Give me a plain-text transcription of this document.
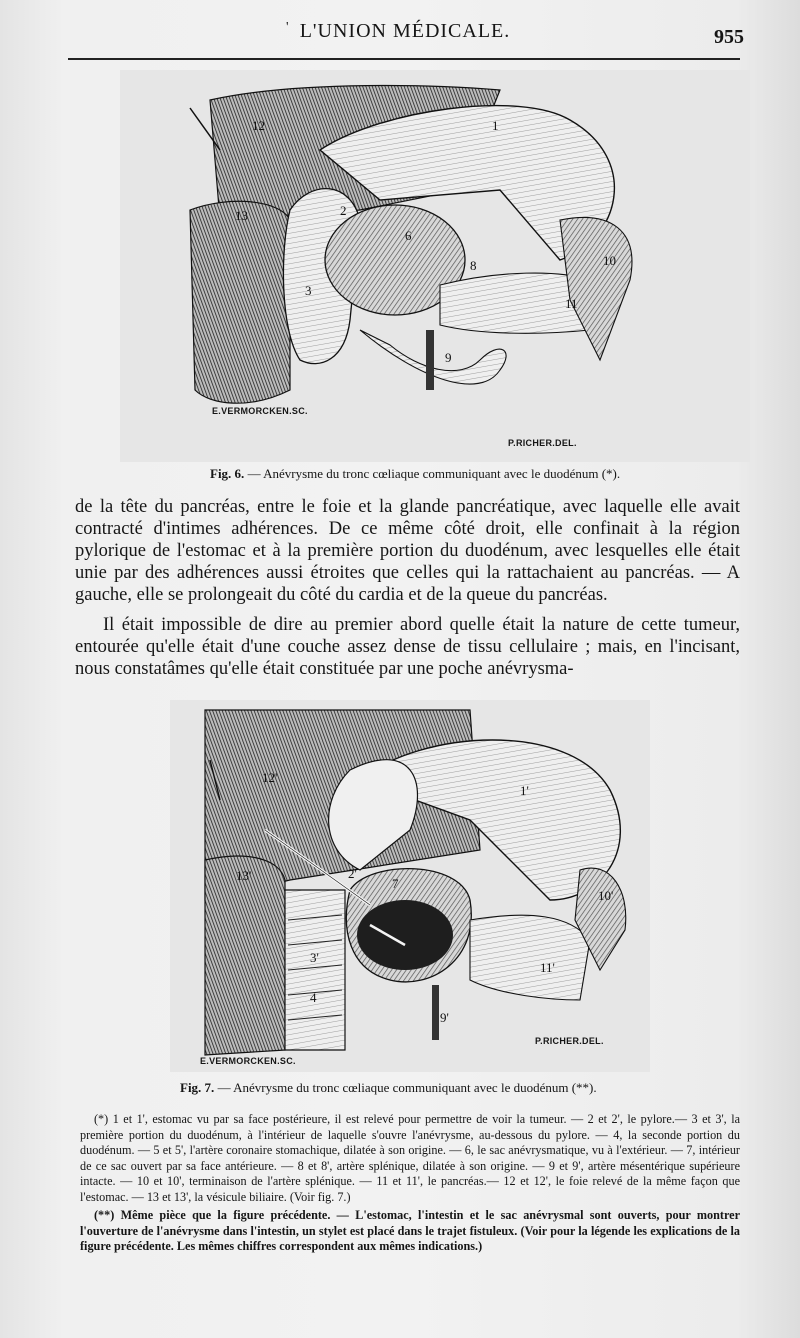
' L'UNION MÉDICALE.	955
1
2
3
6
8
9
10
11
12
13
E.VERMORCKEN.SC.
P.RICHER.DEL.
Fig. 6. — Anévrysme du tronc cœliaque communiquant avec le duodénum (*).

de la tête du pancréas, entre le foie et la glande pancréatique, avec laquelle elle avait contracté d'intimes adhérences. De ce même côté droit, elle confinait à la région pylorique de l'estomac et à la première portion du duodénum, avec lesquelles elle était unie par des adhérences aussi étroites que celles qui la rattachaient au pancréas. — A gauche, elle se prolongeait du côté du cardia et de la queue du pancréas.

Il était impossible de dire au premier abord quelle était la nature de cette tumeur, entourée qu'elle était d'une couche assez dense de tissu cellulaire ; mais, en l'incisant, nous constatâmes qu'elle était constituée par une poche anévrysma-

1'
2'
3'
4
7
9'
10'
11'
12'
13'
E.VERMORCKEN.SC.
P.RICHER.DEL.
Fig. 7. — Anévrysme du tronc cœliaque communiquant avec le duodénum (**).

(*) 1 et 1', estomac vu par sa face postérieure, il est relevé pour permettre de voir la tumeur. — 2 et 2', le pylore.— 3 et 3', la première portion du duodénum, à l'intérieur de laquelle s'ouvre l'anévrysme, au-dessous du pylore. — 4, la seconde portion du duodénum. — 5 et 5', l'artère coronaire stomachique, dilatée à son origine. — 6, le sac anévrysmatique, vu à l'extérieur. — 7, intérieur de ce sac ouvert par sa face antérieure. — 8 et 8', artère splénique, dilatée à son origine. — 9 et 9', artère mésentérique supérieure intacte. — 10 et 10', terminaison de l'artère splénique. — 11 et 11', le pancréas.— 12 et 12', le foie relevé de la même façon que l'estomac. — 13 et 13', la vésicule biliaire. (Voir fig. 7.)

(**) Même pièce que la figure précédente. — L'estomac, l'intestin et le sac anévrysmal sont ouverts, pour montrer l'ouverture de l'anévrysme dans l'intestin, un stylet est placé dans le trajet fistuleux. (Voir pour la légende les explications de la figure précédente. Les mêmes chiffres correspondent aux mêmes indications.)
